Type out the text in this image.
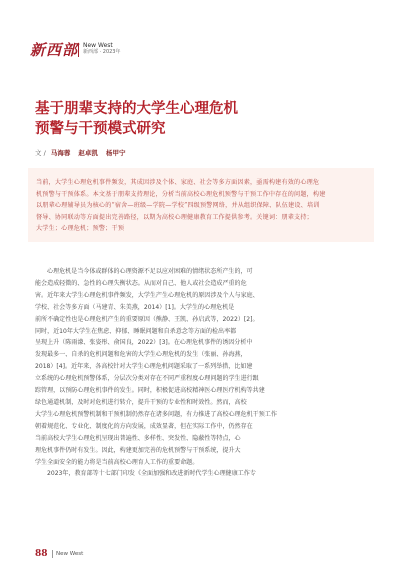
新西部 New West
新西部 · 2023年
基于朋辈支持的大学生心理危机
预警与干预模式研究
文 / 马海蓉 赵卓凯 杨甲宁
当前，大学生心理危机事件频发，其成因涉及个体、家庭、社会等多方面因素，亟需构建有效的心理危
机预警与干预体系。本文基于朋辈支持理论，分析当前高校心理危机预警与干预工作中存在的问题，构建
以朋辈心理辅导员为核心的“宿舍—班级—学院—学校”四级预警网络，并从组织保障、队伍建设、培训
督导、协同联动等方面提出完善路径，以期为高校心理健康教育工作提供参考。关键词：朋辈支持；
大学生；心理危机；预警；干预
心理危机是当今体或群体的心理资源不足以应对困难的情绪状态所产生的，可
能会造成轻微的、急性的心理失衡状态。从而对自己、他人或社会造成严重的危
害。近年来大学生心理危机事件频发，大学生产生心理危机的原因涉及个人与家庭、
学校、社会等多方面（马建青、朱美燕，2014）[1]。大学生的心理危机是
前所不确定性也是心理危机产生的重要原因（熊静、王凯、孙启武等，2022）[2]。
同时，近10年大学生在焦虑、抑郁、睡眠问题和自杀意念等方面的检出率都
呈现上升（陈雨濛、张姿彤、俞国良，2022）[3]。在心理危机事件的诱因分析中
发现最多一、自杀的危机问题和危害的大学生心理危机的发生（张丽、孙海燕，
2018）[4]。近年来，各高校针对大学生心理危机问题采取了一系列举措，比如建
立系统的心理危机预警体系，分层次分类对存在不同严重程度心理问题的学生进行跟
踪管理，以预防心理危机事件的发生。同时，积极促进高校精神医心理医疗机构等共建
绿色通道机制，及时对危机进行转介，提升干预的专业性和时效性。然而，高校
大学生心理危机预警机制和干预机制仍然存在诸多问题，有力推进了高校心理危机干预工作
朝着规范化、专业化、制度化的方向发展，成效显著，但在实际工作中，仍然存在
当前高校大学生心理危机呈现出普遍性、多样性、突发性、隐蔽性等特点，心
理危机事件仍时有发生。因此，构建更加完善的危机预警与干预系统，提升大
学生全面安全的能力将是当前高校心理育人工作的重要命题。
2023年，教育部等十七部门印发《全面加强和改进新时代学生心理健康工作专
88 New West
